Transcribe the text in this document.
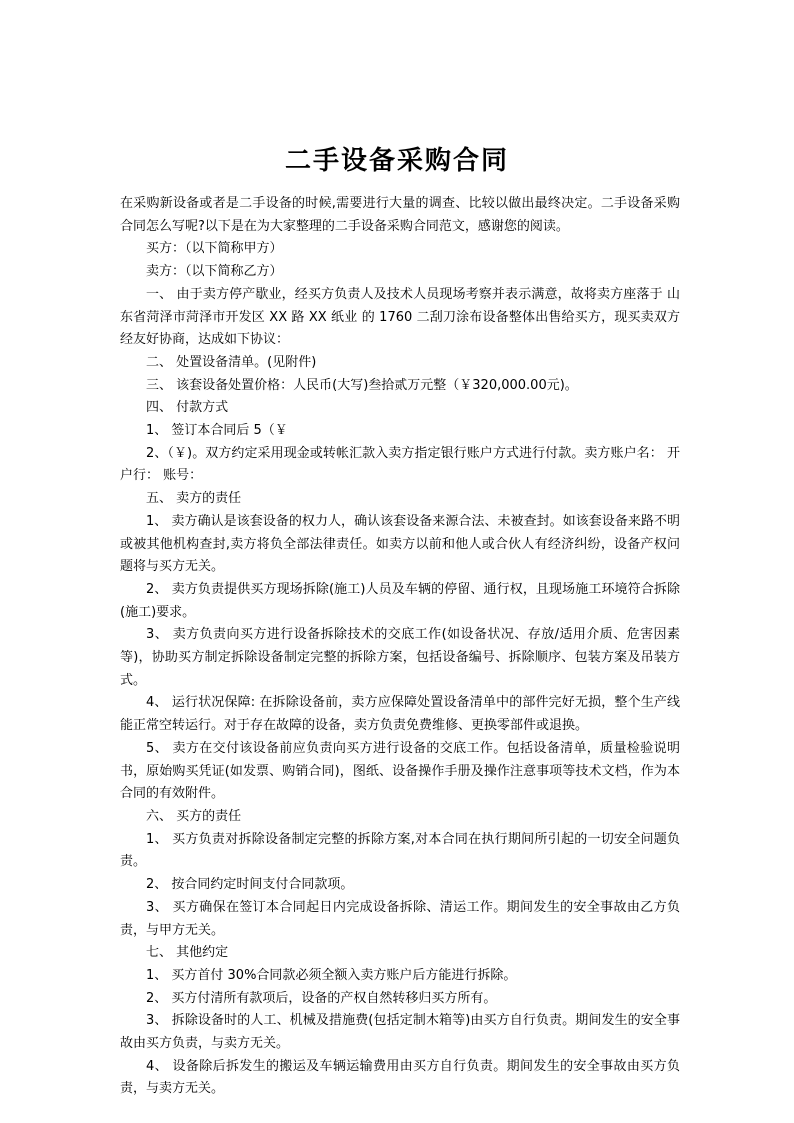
二手设备采购合同

在采购新设备或者是二手设备的时候,需要进行大量的调查、比较以做出最终决定。二手设备采购合同怎么写呢?以下是在为大家整理的二手设备采购合同范文，感谢您的阅读。

买方：（以下简称甲方）

卖方：（以下简称乙方）

一、 由于卖方停产歇业，经买方负责人及技术人员现场考察并表示满意，故将卖方座落于 山东省菏泽市菏泽市开发区 XX 路 XX 纸业 的 1760 二刮刀涂布设备整体出售给买方，现买卖双方经友好协商，达成如下协议：

二、 处置设备清单。(见附件)

三、 该套设备处置价格：人民币(大写)叁拾贰万元整（￥320,000.00元)。

四、 付款方式

1、 签订本合同后 5（￥

2、（￥)。双方约定采用现金或转帐汇款入卖方指定银行账户方式进行付款。卖方账户名： 开户行： 账号：

五、 卖方的责任

1、 卖方确认是该套设备的权力人，确认该套设备来源合法、未被查封。如该套设备来路不明或被其他机构查封,卖方将负全部法律责任。如卖方以前和他人或合伙人有经济纠纷，设备产权问题将与买方无关。

2、 卖方负责提供买方现场拆除(施工)人员及车辆的停留、通行权，且现场施工环境符合拆除(施工)要求。

3、 卖方负责向买方进行设备拆除技术的交底工作(如设备状况、存放/适用介质、危害因素等)，协助买方制定拆除设备制定完整的拆除方案，包括设备编号、拆除顺序、包装方案及吊装方式。

4、 运行状况保障: 在拆除设备前，卖方应保障处置设备清单中的部件完好无损，整个生产线能正常空转运行。对于存在故障的设备，卖方负责免费维修、更换零部件或退换。

5、 卖方在交付该设备前应负责向买方进行设备的交底工作。包括设备清单，质量检验说明书，原始购买凭证(如发票、购销合同)，图纸、设备操作手册及操作注意事项等技术文档，作为本合同的有效附件。

六、 买方的责任

1、 买方负责对拆除设备制定完整的拆除方案,对本合同在执行期间所引起的一切安全问题负责。

2、 按合同约定时间支付合同款项。

3、 买方确保在签订本合同起日内完成设备拆除、清运工作。期间发生的安全事故由乙方负责，与甲方无关。

七、 其他约定

1、 买方首付 30%合同款必须全额入卖方账户后方能进行拆除。

2、 买方付清所有款项后，设备的产权自然转移归买方所有。

3、 拆除设备时的人工、机械及措施费(包括定制木箱等)由买方自行负责。期间发生的安全事故由买方负责，与卖方无关。

4、 设备除后拆发生的搬运及车辆运输费用由买方自行负责。期间发生的安全事故由买方负责，与卖方无关。
